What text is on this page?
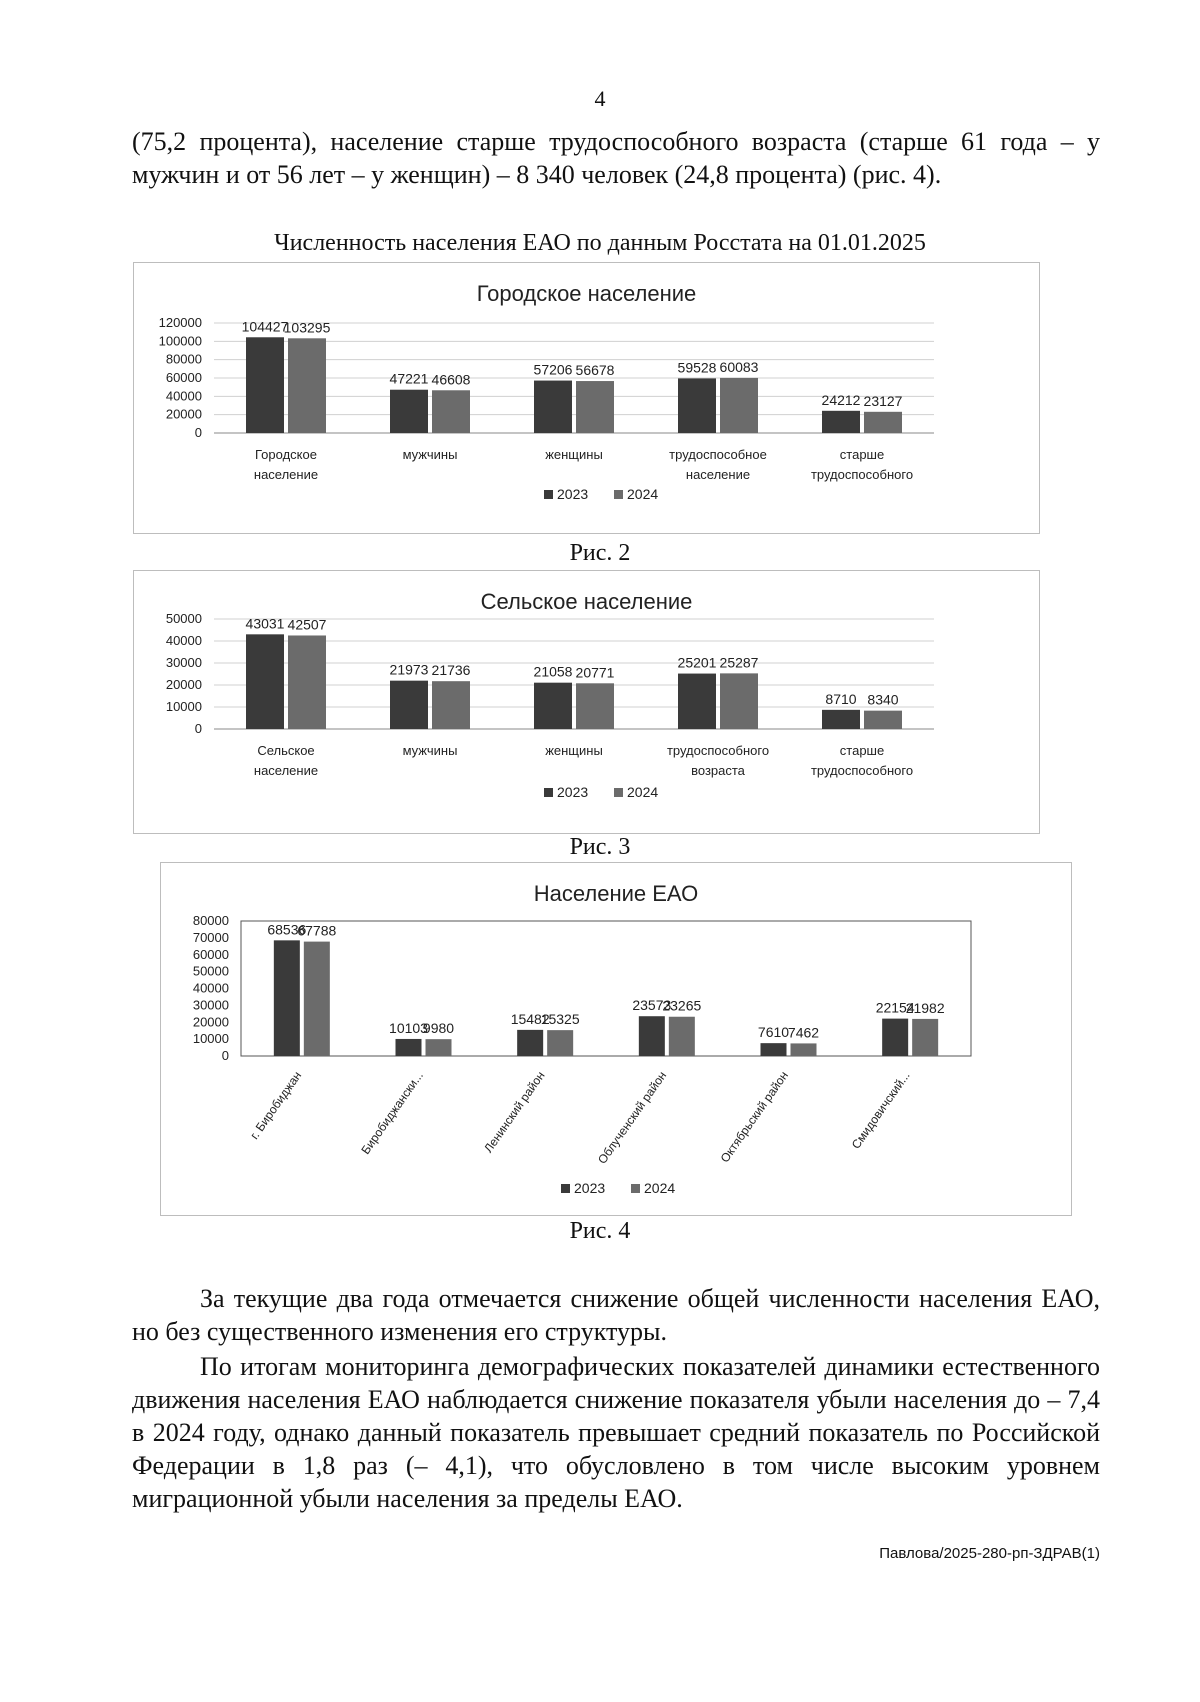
4
(75,2 процента), население старше трудоспособного возраста (старше 61 года – у мужчин и от 56 лет – у женщин) – 8 340 человек (24,8 процента) (рис. 4).
Численность населения ЕАО по данным Росстата на 01.01.2025
Городское население
0
20000
40000
60000
80000
100000
120000	104427
103295
Городское
население
47221 46608
мужчины
57206 56678
женщины
59528 60083
трудоспособное
население
24212 23127
старше
трудоспособного
2023	2024
Рис. 2
Сельское население
0
10000
20000
30000
40000
50000	43031 42507
Сельское
население
21973 21736
мужчины
21058 20771
женщины
25201 25287
трудоспособного
возраста
8710 8340
старше
трудоспособного
2023	2024
Рис. 3
Население ЕАО
0
10000
20000
30000
40000
50000
60000
70000
80000
68536
67788
г. Биробиджан
10103
9980
Биробиджански...
15482
15325
Ленинский район
23573
23265
Облученский район
7610
7462
Октябрьский район
22154
21982
Смидовичский...
2023	2024
Рис. 4
За текущие два года отмечается снижение общей численности населения ЕАО, но без существенного изменения его структуры.
По итогам мониторинга демографических показателей динамики естественного движения населения ЕАО наблюдается снижение показателя убыли населения до – 7,4 в 2024 году, однако данный показатель превышает средний показатель по Российской Федерации в 1,8 раз (– 4,1), что обусловлено в том числе высоким уровнем миграционной убыли населения за пределы ЕАО.
Павлова/2025-280-рп-ЗДРАВ(1)
